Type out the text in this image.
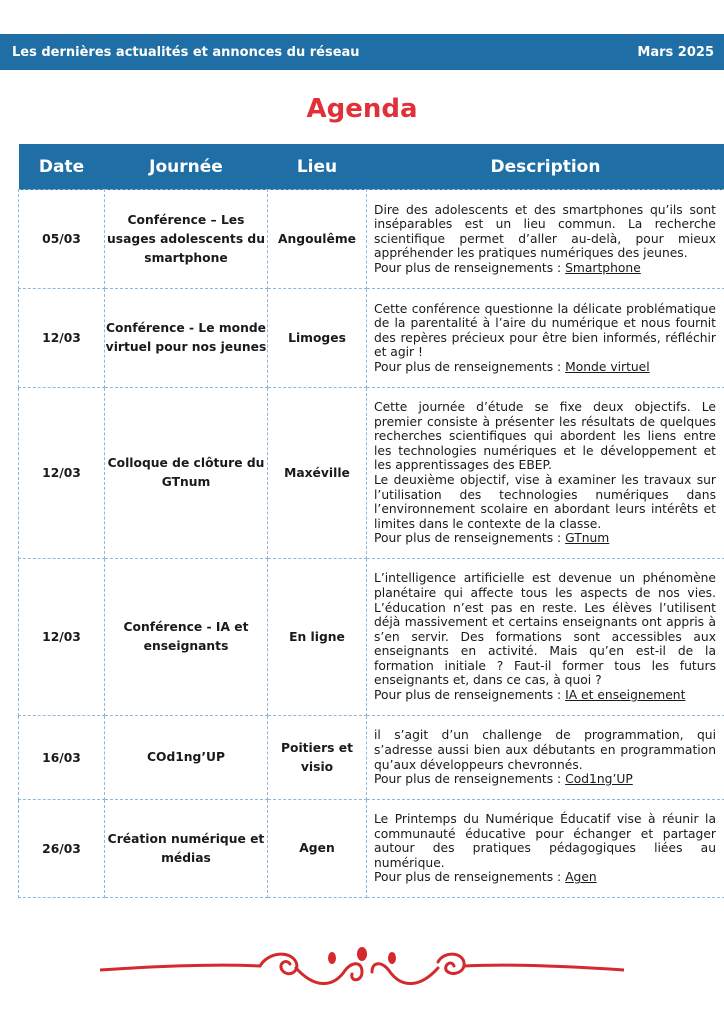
Les dernières actualités et annonces du réseau	Mars 2025
Agenda
Date	Journée	Lieu	Description
05/03	Conférence – Les usages adolescents du smartphone	Angoulême	Dire des adolescents et des smartphones qu’ils sont inséparables est un lieu commun. La recherche scientifique permet d’aller au-delà, pour mieux appréhender les pratiques numériques des jeunes.
Pour plus de renseignements : Smartphone
12/03	Conférence - Le monde virtuel pour nos jeunes	Limoges	Cette conférence questionne la délicate problématique de la parentalité à l’aire du numérique et nous fournit des repères précieux pour être bien informés, réfléchir et agir !
Pour plus de renseignements : Monde virtuel
12/03	Colloque de clôture du GTnum	Maxéville	Cette journée d’étude se fixe deux objectifs. Le premier consiste à présenter les résultats de quelques recherches scientifiques qui abordent les liens entre les technologies numériques et le développement et les apprentissages des EBEP.
Le deuxième objectif, vise à examiner les travaux sur l’utilisation des technologies numériques dans l’environnement scolaire en abordant leurs intérêts et limites dans le contexte de la classe.
Pour plus de renseignements : GTnum
12/03	Conférence - IA et enseignants	En ligne	L’intelligence artificielle est devenue un phénomène planétaire qui affecte tous les aspects de nos vies. L’éducation n’est pas en reste. Les élèves l’utilisent déjà massivement et certains enseignants ont appris à s’en servir. Des formations sont accessibles aux enseignants en activité. Mais qu’en est-il de la formation initiale ? Faut-il former tous les futurs enseignants et, dans ce cas, à quoi ?
Pour plus de renseignements : IA et enseignement
16/03	COd1ng’UP	Poitiers et visio	il s’agit d’un challenge de programmation, qui s’adresse aussi bien aux débutants en programmation qu’aux développeurs chevronnés.
Pour plus de renseignements : Cod1ng’UP
26/03	Création numérique et médias	Agen	Le Printemps du Numérique Éducatif vise à réunir la communauté éducative pour échanger et partager autour des pratiques pédagogiques liées au numérique.
Pour plus de renseignements : Agen
